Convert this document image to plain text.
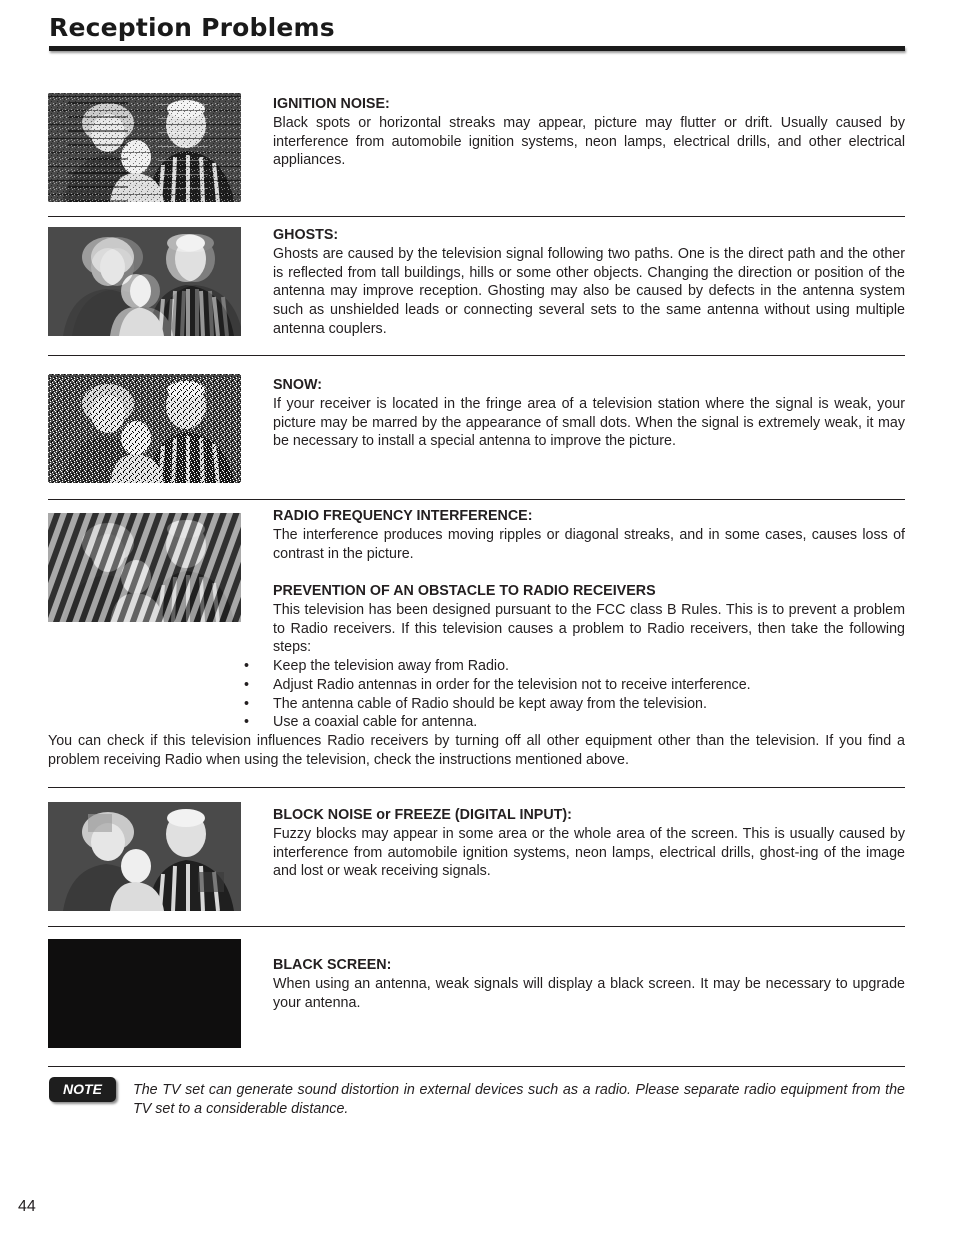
Reception Problems
IGNITION NOISE:

Black spots or horizontal streaks may appear, picture may flutter or drift. Usually caused by interference from automobile ignition systems, neon lamps, electrical drills, and other electrical appliances.

GHOSTS:

Ghosts are caused by the television signal following two paths. One is the direct path and the other is reflected from tall buildings, hills or some other objects. Changing the direction or position of the antenna may improve reception. Ghosting may also be caused by defects in the antenna system such as unshielded leads or connecting several sets to the same antenna without using multiple antenna couplers.

SNOW:

If your receiver is located in the fringe area of a television station where the signal is weak, your picture may be marred by the appearance of small dots. When the signal is extremely weak, it may be necessary to install a special antenna to improve the picture.

RADIO FREQUENCY INTERFERENCE:

The interference produces moving ripples or diagonal streaks, and in some cases, causes loss of contrast in the picture.

PREVENTION OF AN OBSTACLE TO RADIO RECEIVERS

This television has been designed pursuant to the FCC class B Rules. This is to prevent a problem to Radio receivers. If this television causes a problem to Radio receivers, then take the following steps:

• Keep the television away from Radio.
• Adjust Radio antennas in order for the television not to receive interference.
• The antenna cable of Radio should be kept away from the television.
• Use a coaxial cable for antenna.

You can check if this television influences Radio receivers by turning off all other equipment other than the television. If you find a problem receiving Radio when using the television, check the instructions mentioned above.

BLOCK NOISE or FREEZE (DIGITAL INPUT):

Fuzzy blocks may appear in some area or the whole area of the screen. This is usually caused by interference from automobile ignition systems, neon lamps, electrical drills, ghost-ing of the image and lost or weak receiving signals.

BLACK SCREEN:

When using an antenna, weak signals will display a black screen. It may be necessary to upgrade your antenna.

NOTE	The TV set can generate sound distortion in external devices such as a radio. Please separate radio equipment from the TV set to a considerable distance.

44
